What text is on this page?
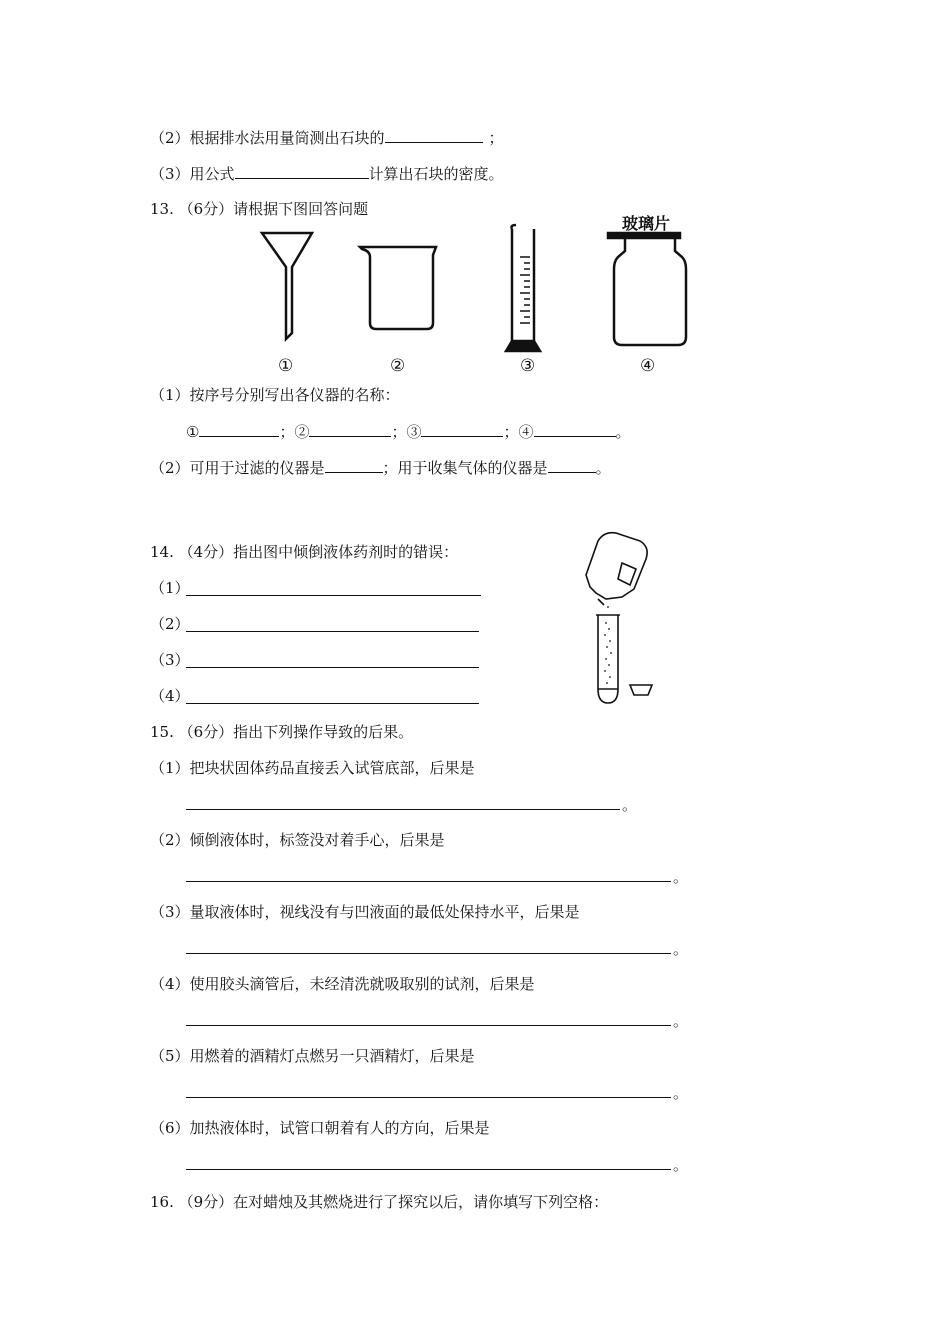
（2）根据排水法用量筒测出石块的	；
（3）用公式	计算出石块的密度。
13. （6分）请根据下图回答问题
玻璃片
①	②	③	④
（1）按序号分别写出各仪器的名称：
①	；②	；③	；④	。
（2）可用于过滤的仪器是	；用于收集气体的仪器是	。
14. （4分）指出图中倾倒液体药剂时的错误：
（1）
（2）
（3）
（4）
15. （6分）指出下列操作导致的后果。
（1）把块状固体药品直接丢入试管底部，后果是
。
（2）倾倒液体时，标签没对着手心，后果是
。
（3）量取液体时，视线没有与凹液面的最低处保持水平，后果是
。
（4）使用胶头滴管后，未经清洗就吸取别的试剂，后果是
。
（5）用燃着的酒精灯点燃另一只酒精灯，后果是
。
（6）加热液体时，试管口朝着有人的方向，后果是
。
16. （9分）在对蜡烛及其燃烧进行了探究以后，请你填写下列空格：
